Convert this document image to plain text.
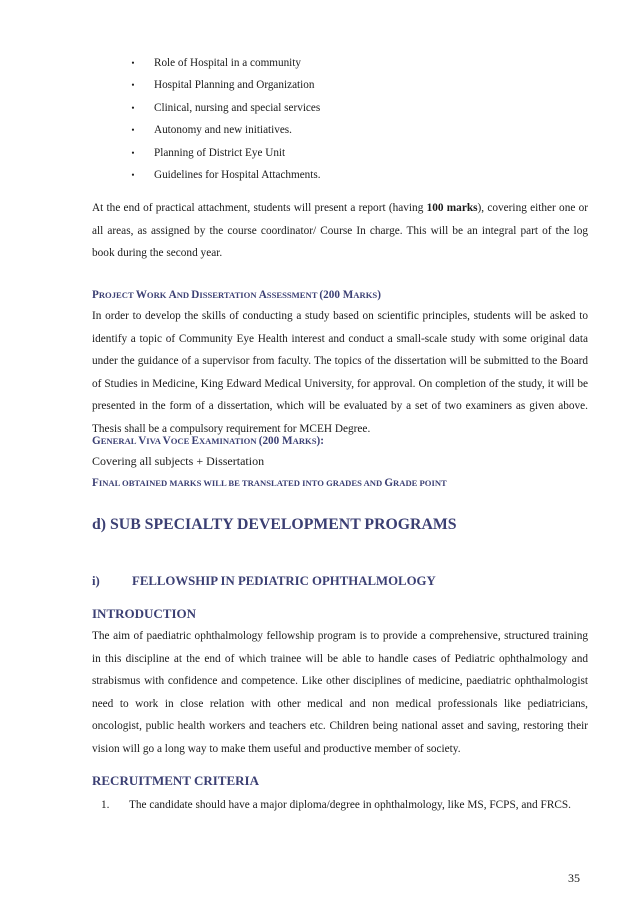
•	Role of Hospital in a community
•	Hospital Planning and Organization
•	Clinical, nursing and special services
•	Autonomy and new initiatives.
•	Planning of District Eye Unit
•	Guidelines for Hospital Attachments.
At the end of practical attachment, students will present a report (having 100 marks), covering either one or all areas, as assigned by the course coordinator/ Course In charge. This will be an integral part of the log book during the second year.
PROJECT WORK AND DISSERTATION ASSESSMENT (200 MARKS)
In order to develop the skills of conducting a study based on scientific principles, students will be asked to identify a topic of Community Eye Health interest and conduct a small-scale study with some original data under the guidance of a supervisor from faculty. The topics of the dissertation will be submitted to the Board of Studies in Medicine, King Edward Medical University, for approval. On completion of the study, it will be presented in the form of a dissertation, which will be evaluated by a set of two examiners as given above. Thesis shall be a compulsory requirement for MCEH Degree.
GENERAL VIVA VOCE EXAMINATION (200 MARKS):
Covering all subjects + Dissertation
FINAL OBTAINED MARKS WILL BE TRANSLATED INTO GRADES AND GRADE POINT
d) SUB SPECIALTY DEVELOPMENT PROGRAMS
i)	FELLOWSHIP IN PEDIATRIC OPHTHALMOLOGY
INTRODUCTION
The aim of paediatric ophthalmology fellowship program is to provide a comprehensive, structured training in this discipline at the end of which trainee will be able to handle cases of Pediatric ophthalmology and strabismus with confidence and competence. Like other disciplines of medicine, paediatric ophthalmologist need to work in close relation with other medical and non medical professionals like pediatricians, oncologist, public health workers and teachers etc. Children being national asset and saving, restoring their vision will go a long way to make them useful and productive member of society.
RECRUITMENT CRITERIA
1. The candidate should have a major diploma/degree in ophthalmology, like MS, FCPS, and FRCS.
35
